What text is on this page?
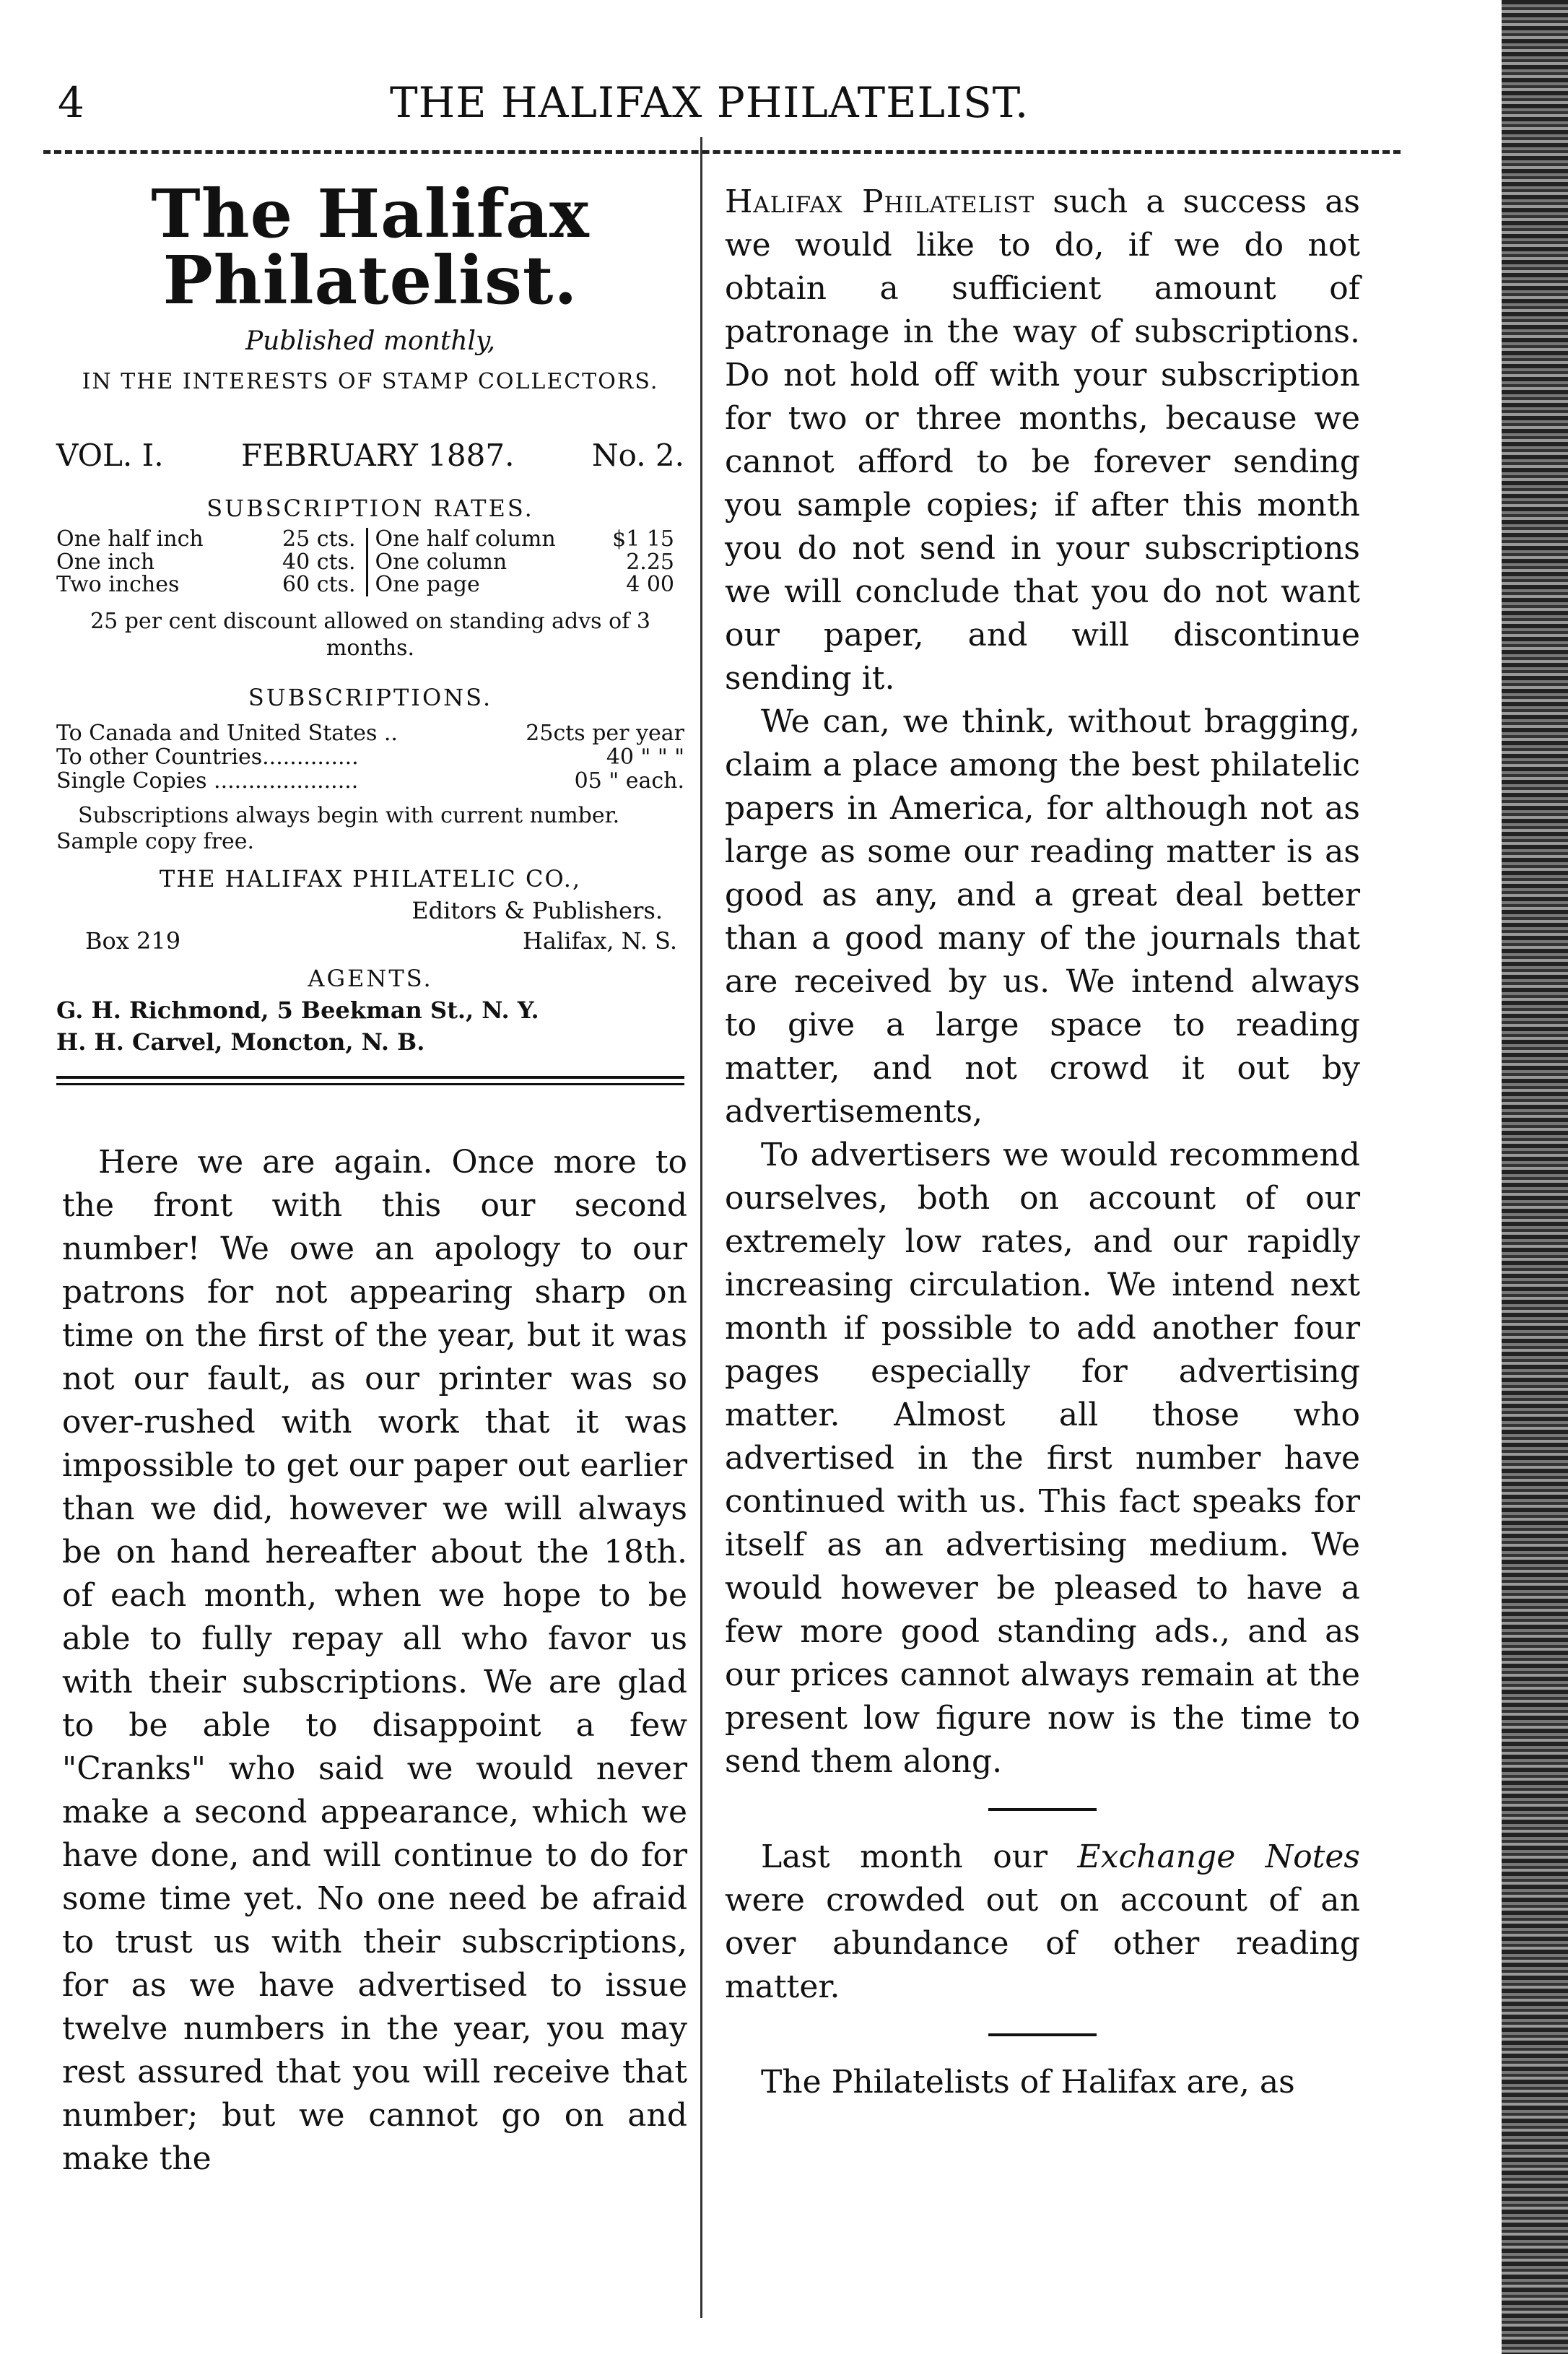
4	THE HALIFAX PHILATELIST.
The Halifax Philatelist.
Published monthly,
IN THE INTERESTS OF STAMP COLLECTORS.
VOL. I.	FEBRUARY 1887.	No. 2.
SUBSCRIPTION RATES.
One half inch	25 cts.
One inch	40 cts.
Two inches	60 cts.
One half column	$1 15
One column	2.25
One page	4 00
25 per cent discount allowed on standing advs of 3 months.
SUBSCRIPTIONS.
To Canada and United States ..	25cts per year
To other Countries..............	40 " " "
Single Copies .....................	05 " each.
Subscriptions always begin with current number. Sample copy free.
THE HALIFAX PHILATELIC CO.,
Editors & Publishers.
Box 219	Halifax, N. S.
AGENTS.
G. H. Richmond, 5 Beekman St., N. Y.
H. H. Carvel, Moncton, N. B.

Here we are again. Once more to the front with this our second number! We owe an apology to our patrons for not appearing sharp on time on the first of the year, but it was not our fault, as our printer was so over-rushed with work that it was impossible to get our paper out earlier than we did, however we will always be on hand hereafter about the 18th. of each month, when we hope to be able to fully repay all who favor us with their subscriptions. We are glad to be able to disappoint a few "Cranks" who said we would never make a second appearance, which we have done, and will continue to do for some time yet. No one need be afraid to trust us with their subscriptions, for as we have advertised to issue twelve numbers in the year, you may rest assured that you will receive that number; but we cannot go on and make the

Halifax Philatelist such a success as we would like to do, if we do not obtain a sufficient amount of patronage in the way of subscriptions. Do not hold off with your subscription for two or three months, because we cannot afford to be forever sending you sample copies; if after this month you do not send in your subscriptions we will conclude that you do not want our paper, and will discontinue sending it.

We can, we think, without bragging, claim a place among the best philatelic papers in America, for although not as large as some our reading matter is as good as any, and a great deal better than a good many of the journals that are received by us. We intend always to give a large space to reading matter, and not crowd it out by advertisements,

To advertisers we would recommend ourselves, both on account of our extremely low rates, and our rapidly increasing circulation. We intend next month if possible to add another four pages especially for advertising matter. Almost all those who advertised in the first number have continued with us. This fact speaks for itself as an advertising medium. We would however be pleased to have a few more good standing ads., and as our prices cannot always remain at the present low figure now is the time to send them along.

Last month our Exchange Notes were crowded out on account of an over abundance of other reading matter.

The Philatelists of Halifax are, as
